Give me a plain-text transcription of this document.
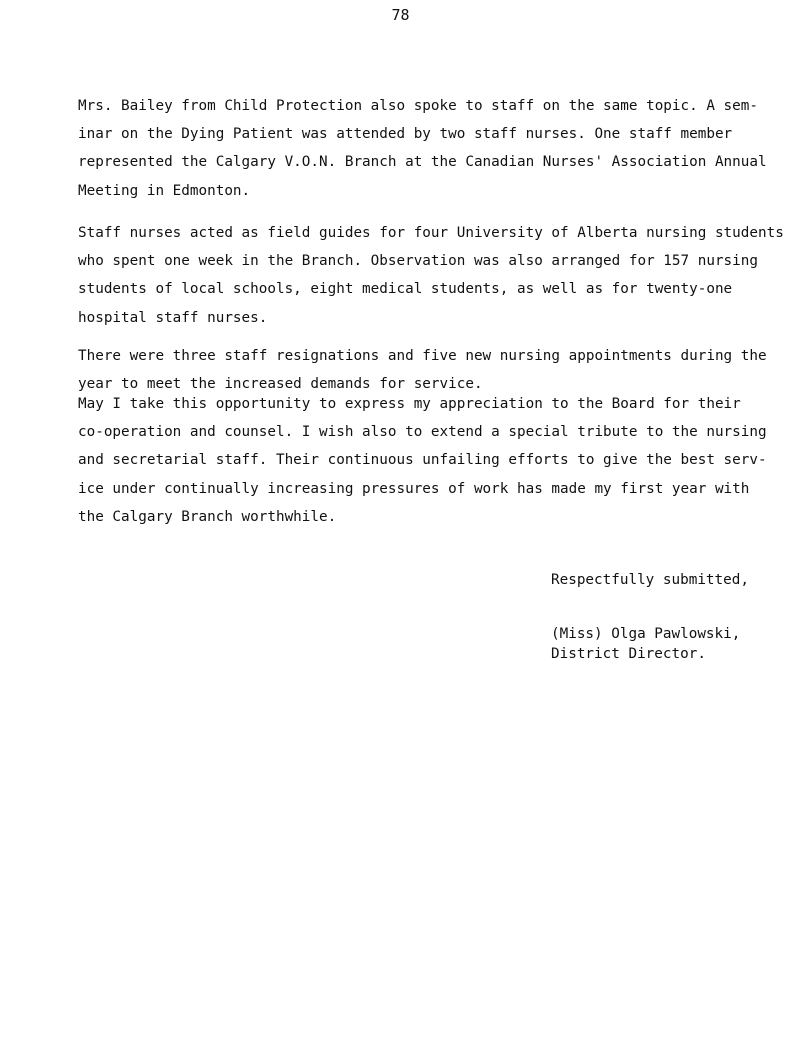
78

Mrs. Bailey from Child Protection also spoke to staff on the same topic. A sem-
inar on the Dying Patient was attended by two staff nurses. One staff member
represented the Calgary V.O.N. Branch at the Canadian Nurses' Association Annual
Meeting in Edmonton.

Staff nurses acted as field guides for four University of Alberta nursing students
who spent one week in the Branch. Observation was also arranged for 157 nursing
students of local schools, eight medical students, as well as for twenty-one
hospital staff nurses.

There were three staff resignations and five new nursing appointments during the
year to meet the increased demands for service.

May I take this opportunity to express my appreciation to the Board for their
co-operation and counsel. I wish also to extend a special tribute to the nursing
and secretarial staff. Their continuous unfailing efforts to give the best serv-
ice under continually increasing pressures of work has made my first year with
the Calgary Branch worthwhile.

Respectfully submitted,
(Miss) Olga Pawlowski,
District Director.
